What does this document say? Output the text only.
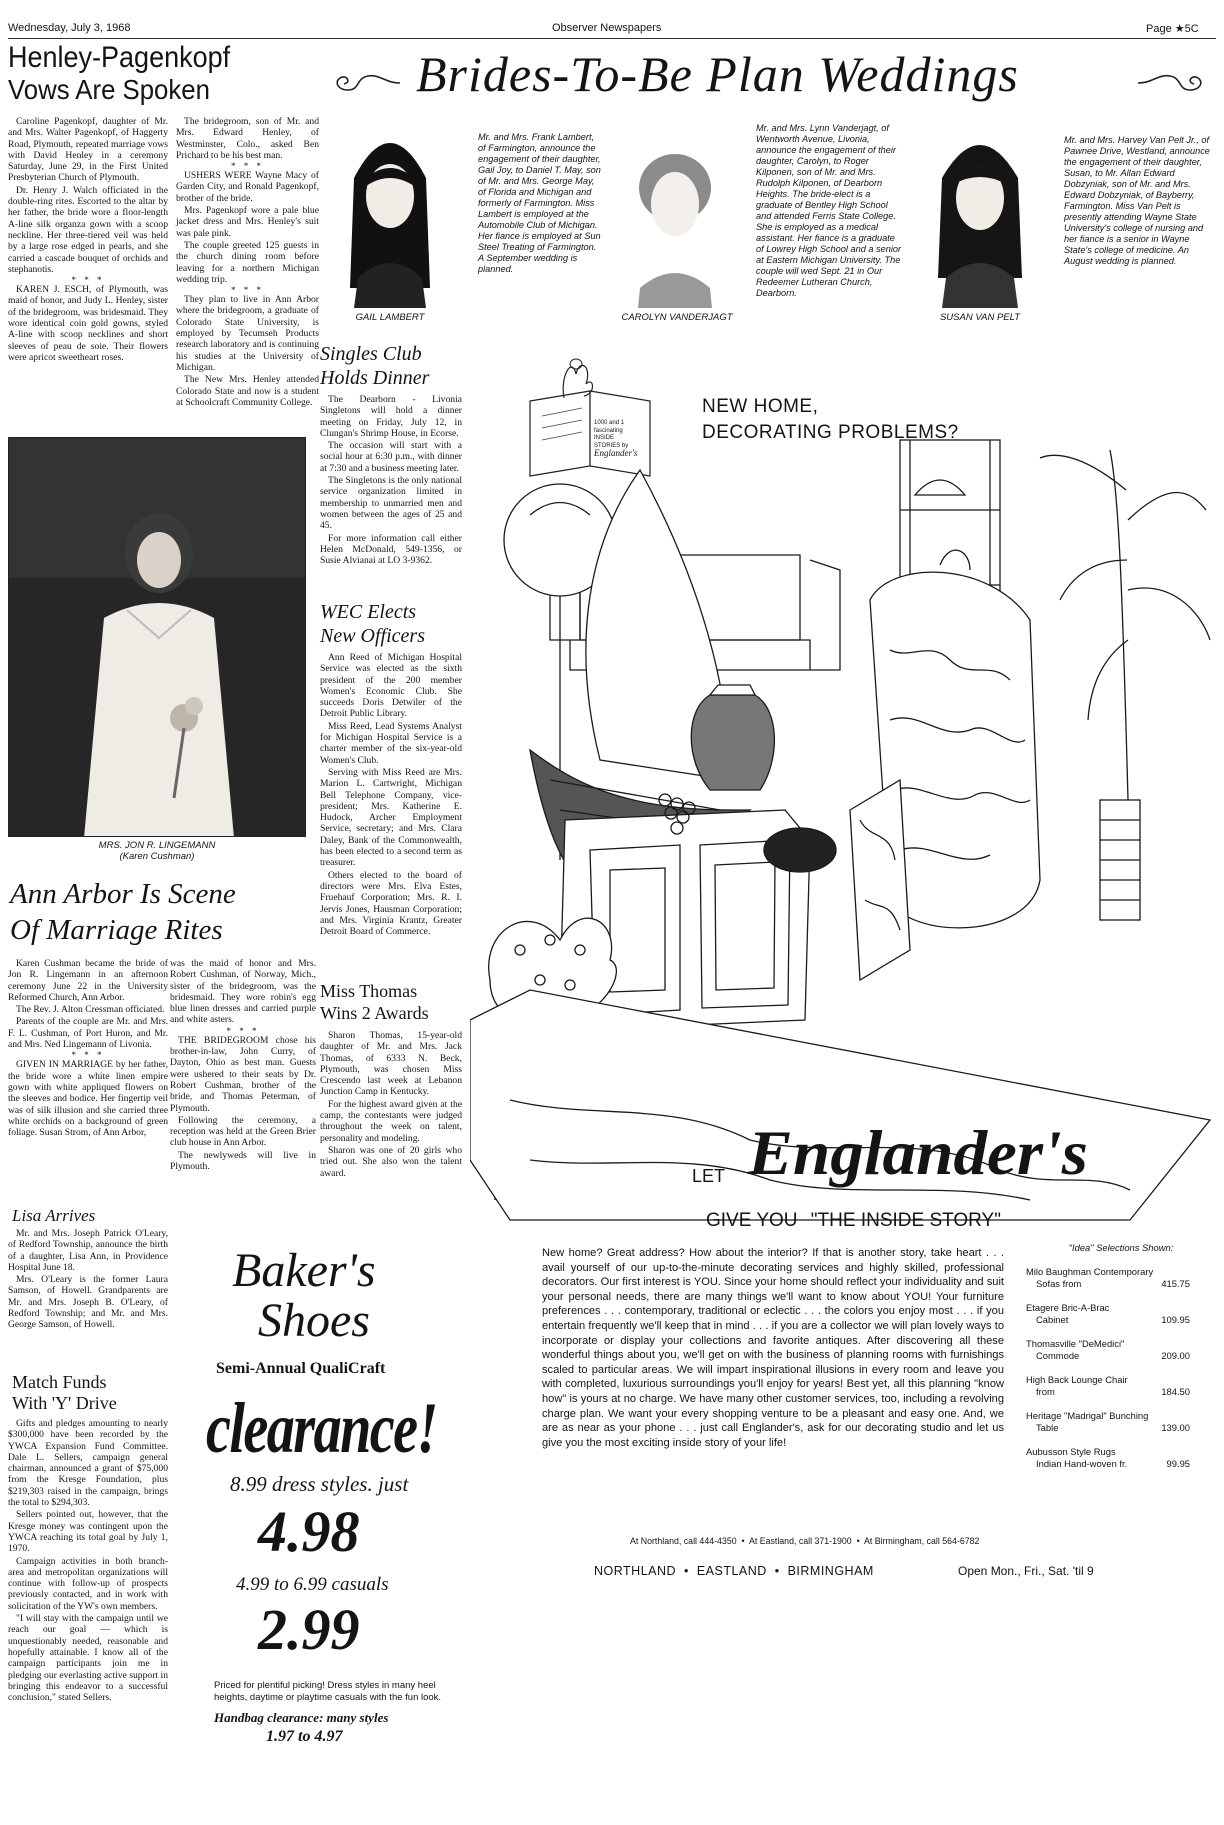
Wednesday, July 3, 1968	Observer Newspapers	Page ★5C
Henley-Pagenkopf
Vows Are Spoken

Caroline Pagenkopf, daughter of Mr. and Mrs. Walter Pagenkopf, of Haggerty Road, Plymouth, repeated marriage vows with David Henley in a ceremony Saturday, June 29, in the First United Presbyterian Church of Plymouth.

Dr. Henry J. Walch officiated in the double-ring rites. Escorted to the altar by her father, the bride wore a floor-length A-line silk organza gown with a scoop neckline. Her three-tiered veil was held by a large rose edged in pearls, and she carried a cascade bouquet of orchids and stephanotis.

* * *

KAREN J. ESCH, of Plymouth, was maid of honor, and Judy L. Henley, sister of the bridegroom, was bridesmaid. They wore identical coin gold gowns, styled A-line with scoop necklines and short sleeves of peau de soie. Their flowers were apricot sweetheart roses.

The bridegroom, son of Mr. and Mrs. Edward Henley, of Westminster, Colo., asked Ben Prichard to be his best man.

* * *

USHERS WERE Wayne Macy of Garden City, and Ronald Pagenkopf, brother of the bride.

Mrs. Pagenkopf wore a pale blue jacket dress and Mrs. Henley's suit was pale pink.

The couple greeted 125 guests in the church dining room before leaving for a northern Michigan wedding trip.

* * *

They plan to live in Ann Arbor where the bridegroom, a graduate of Colorado State University, is employed by Tecumseh Products research laboratory and is continuing his studies at the University of Michigan.

The New Mrs. Henley attended Colorado State and now is a student at Schoolcraft Community College.

MRS. JON R. LINGEMANN
(Karen Cushman)
Ann Arbor Is Scene
Of Marriage Rites

Karen Cushman became the bride of Jon R. Lingemann in an afternoon ceremony June 22 in the University Reformed Church, Ann Arbor.

The Rev. J. Alton Cressman officiated.

Parents of the couple are Mr. and Mrs. F. L. Cushman, of Port Huron, and Mr. and Mrs. Ned Lingemann of Livonia.

* * *

GIVEN IN MARRIAGE by her father, the bride wore a white linen empire gown with white appliqued flowers on the sleeves and bodice. Her fingertip veil was of silk illusion and she carried three white orchids on a background of green foliage. Susan Strom, of Ann Arbor,

was the maid of honor and Mrs. Robert Cushman, of Norway, Mich., sister of the bridegroom, was the bridesmaid. They wore robin's egg blue linen dresses and carried purple and white asters.

* * *

THE BRIDEGROOM chose his brother-in-law, John Curry, of Dayton, Ohio as best man. Guests were ushered to their seats by Dr. Robert Cushman, brother of the bride, and Thomas Peterman, of Plymouth.

Following the ceremony, a reception was held at the Green Brier club house in Ann Arbor.

The newlyweds will live in Plymouth.

Lisa Arrives

Mr. and Mrs. Joseph Patrick O'Leary, of Redford Township, announce the birth of a daughter, Lisa Ann, in Providence Hospital June 18.

Mrs. O'Leary is the former Laura Samson, of Howell. Grandparents are Mr. and Mrs. Joseph B. O'Leary, of Redford Township; and Mr. and Mrs. George Samson, of Howell.

Match Funds
With 'Y' Drive

Gifts and pledges amounting to nearly $300,000 have been recorded by the YWCA Expansion Fund Committee. Dale L. Sellers, campaign general chairman, announced a grant of $75,000 from the Kresge Foundation, plus $219,303 raised in the campaign, brings the total to $294,303.

Sellers pointed out, however, that the Kresge money was contingent upon the YWCA reaching its total goal by July 1, 1970.

Campaign activities in both branch-area and metropolitan organizations will continue with follow-up of prospects previously contacted, and in work with solicitation of the YW's own members.

"I will stay with the campaign until we reach our goal — which is unquestionably needed, reasonable and hopefully attainable. I know all of the campaign participants join me in pledging our everlasting active support in bringing this endeavor to a successful conclusion," stated Sellers.

Brides-To-Be Plan Weddings
GAIL LAMBERT
Mr. and Mrs. Frank Lambert, of Farmington, announce the engagement of their daughter, Gail Joy, to Daniel T. May, son of Mr. and Mrs. George May, of Florida and Michigan and formerly of Farmington. Miss Lambert is employed at the Automobile Club of Michigan. Her fiance is employed at Sun Steel Treating of Farmington. A September wedding is planned.
CAROLYN VANDERJAGT
Mr. and Mrs. Lynn Vanderjagt, of Wentworth Avenue, Livonia, announce the engagement of their daughter, Carolyn, to Roger Kilponen, son of Mr. and Mrs. Rudolph Kilponen, of Dearborn Heights. The bride-elect is a graduate of Bentley High School and attended Ferris State College. She is employed as a medical assistant. Her fiance is a graduate of Lowrey High School and a senior at Eastern Michigan University. The couple will wed Sept. 21 in Our Redeemer Lutheran Church, Dearborn.
SUSAN VAN PELT
Mr. and Mrs. Harvey Van Pelt Jr., of Pawnee Drive, Westland, announce the engagement of their daughter, Susan, to Mr. Allan Edward Dobzyniak, son of Mr. and Mrs. Edward Dobzyniak, of Bayberry, Farmington. Miss Van Pelt is presently attending Wayne State University's college of nursing and her fiance is a senior in Wayne State's college of medicine. An August wedding is planned.
Singles Club
Holds Dinner

The Dearborn - Livonia Singletons will hold a dinner meeting on Friday, July 12, in Clungan's Shrimp House, in Ecorse.

The occasion will start with a social hour at 6:30 p.m., with dinner at 7:30 and a business meeting later.

The Singletons is the only national service organization limited in membership to unmarried men and women between the ages of 25 and 45.

For more information call either Helen McDonald, 549-1356, or Susie Alvianai at LO 3-9362.

WEC Elects
New Officers

Ann Reed of Michigan Hospital Service was elected as the sixth president of the 200 member Women's Economic Club. She succeeds Doris Detwiler of the Detroit Public Library.

Miss Reed, Lead Systems Analyst for Michigan Hospital Service is a charter member of the six-year-old Women's Club.

Serving with Miss Reed are Mrs. Marion L. Cartwright, Michigan Bell Telephone Company, vice-president; Mrs. Katherine E. Hudock, Archer Employment Service, secretary; and Mrs. Clara Daley, Bank of the Commonwealth, has been elected to a second term as treasurer.

Others elected to the board of directors were Mrs. Elva Estes, Fruehauf Corporation; Mrs. R. I. Jervis Jones, Hausman Corporation; and Mrs. Virginia Krantz, Greater Detroit Board of Commerce.

Miss Thomas
Wins 2 Awards

Sharon Thomas, 15-year-old daughter of Mr. and Mrs. Jack Thomas, of 6333 N. Beck, Plymouth, was chosen Miss Crescendo last week at Lebanon Junction Camp in Kentucky.

For the highest award given at the camp, the contestants were judged throughout the week on talent, personality and modeling.

Sharon was one of 20 girls who tried out. She also won the talent award.

Baker's
Shoes
Semi-Annual QualiCraft
clearance!
8.99 dress styles. just
4.98
4.99 to 6.99 casuals
2.99
Priced for plentiful picking! Dress styles in many heel heights, daytime or playtime casuals with the fun look.
Handbag clearance: many styles
1.97 to 4.97
1000 and 1
fascinating
INSIDE
STORIES by
Englander's
NEW HOME,
DECORATING PROBLEMS?
LET Englander's
GIVE YOU "THE INSIDE STORY"
New home? Great address? How about the interior? If that is another story, take heart . . . avail yourself of our up-to-the-minute decorating services and highly skilled, professional decorators. Our first interest is YOU. Since your home should reflect your individuality and suit your personal needs, there are many things we'll want to know about YOU! Your furniture preferences . . . contemporary, traditional or eclectic . . . the colors you enjoy most . . . if you entertain frequently we'll keep that in mind . . . if you are a collector we will plan lovely ways to incorporate or display your collections and favorite antiques. After discovering all these wonderful things about you, we'll get on with the business of planning rooms with furnishings scaled to particular areas. We will impart inspirational illusions in every room and leave you with completed, luxurious surroundings you'll enjoy for years! Best yet, all this planning "know how" is yours at no charge. We have many other customer services, too, including a revolving charge plan. We want your every shopping venture to be a pleasant and easy one. And, we are as near as your phone . . . just call Englander's, ask for our decorating studio and let us give you the most exciting inside story of your life!
"Idea" Selections Shown:
Milo Baughman Contemporary
Sofas from	415.75
Etagere Bric-A-Brac
Cabinet	109.95
Thomasville "DeMedici"
Commode	209.00
High Back Lounge Chair
from	184.50
Heritage "Madrigal" Bunching
Table	139.00
Aubusson Style Rugs
Indian Hand-woven fr.	99.95
At Northland, call 444-4350  •  At Eastland, call 371-1900  •  At Birmingham, call 564-6782
NORTHLAND  •  EASTLAND  •  BIRMINGHAM	Open Mon., Fri., Sat. 'til 9
